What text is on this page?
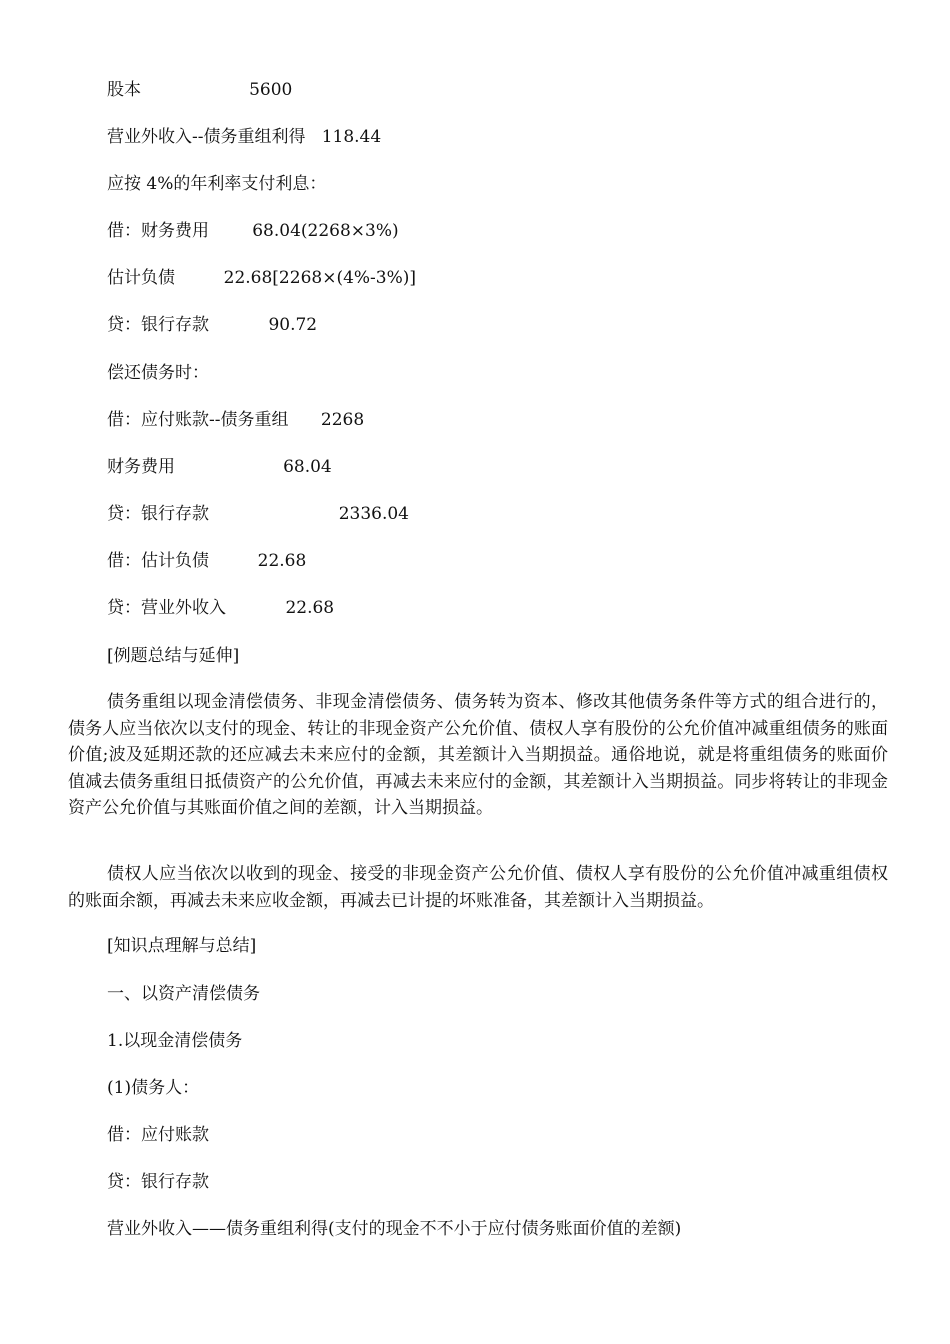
股本                    5600
营业外收入--债务重组利得   118.44
应按 4%的年利率支付利息：
借：财务费用        68.04(2268×3%)
估计负债         22.68[2268×(4%-3%)]
贷：银行存款           90.72
偿还债务时：
借：应付账款--债务重组      2268
财务费用                    68.04
贷：银行存款                        2336.04
借：估计负债         22.68
贷：营业外收入           22.68
[例题总结与延伸]

债务重组以现金清偿债务、非现金清偿债务、债务转为资本、修改其他债务条件等方式的组合进行的，债务人应当依次以支付的现金、转让的非现金资产公允价值、债权人享有股份的公允价值冲减重组债务的账面价值;波及延期还款的还应减去未来应付的金额，其差额计入当期损益。通俗地说，就是将重组债务的账面价值减去债务重组日抵债资产的公允价值，再减去未来应付的金额，其差额计入当期损益。同步将转让的非现金资产公允价值与其账面价值之间的差额，计入当期损益。

债权人应当依次以收到的现金、接受的非现金资产公允价值、债权人享有股份的公允价值冲减重组债权的账面余额，再减去未来应收金额，再减去已计提的坏账准备，其差额计入当期损益。

[知识点理解与总结]
一、以资产清偿债务
1.以现金清偿债务
(1)债务人：
借：应付账款
贷：银行存款
营业外收入——债务重组利得(支付的现金不不小于应付债务账面价值的差额)
